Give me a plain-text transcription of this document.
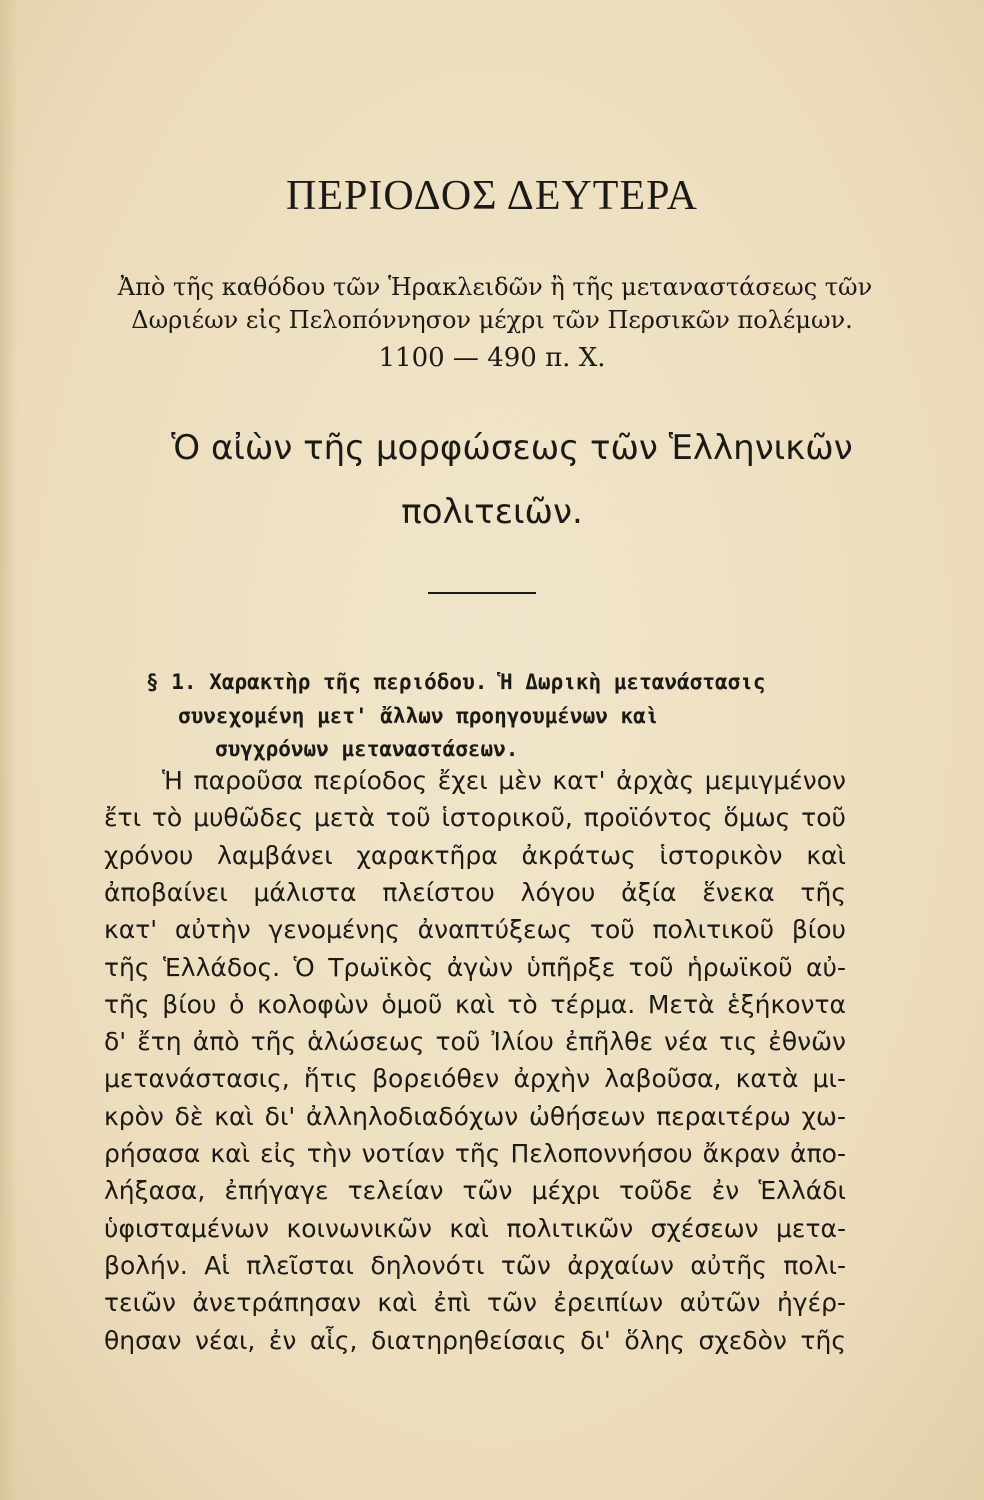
ΠΕΡΙΟΔΟΣ ΔΕΥΤΕΡΑ
Ἀπὸ τῆς καθόδου τῶν Ἡρακλειδῶν ἢ τῆς μεταναστάσεως τῶν
Δωριέων εἰς Πελοπόννησον μέχρι τῶν Περσικῶν πολέμων.
1100 — 490 π. Χ.
Ὁ αἰὼν τῆς μορφώσεως τῶν Ἑλληνικῶν
πολιτειῶν.
§ 1. Χαρακτὴρ τῆς περιόδου. Ἡ Δωρικὴ μετανάστασις
συνεχομένη μετ' ἄλλων προηγουμένων καὶ
συγχρόνων μεταναστάσεων.
Ἡ παροῦσα περίοδος ἔχει μὲν κατ' ἀρχὰς μεμιγμένον
ἔτι τὸ μυθῶδες μετὰ τοῦ ἱστορικοῦ, προϊόντος ὅμως τοῦ
χρόνου λαμβάνει χαρακτῆρα ἀκράτως ἱστορικὸν καὶ
ἀποβαίνει μάλιστα πλείστου λόγου ἀξία ἕνεκα τῆς
κατ' αὐτὴν γενομένης ἀναπτύξεως τοῦ πολιτικοῦ βίου
τῆς Ἑλλάδος. Ὁ Τρωϊκὸς ἀγὼν ὑπῆρξε τοῦ ἡρωϊκοῦ αὐ-
τῆς βίου ὁ κολοφὼν ὁμοῦ καὶ τὸ τέρμα. Μετὰ ἑξήκοντα
δ' ἔτη ἀπὸ τῆς ἁλώσεως τοῦ Ἰλίου ἐπῆλθε νέα τις ἐθνῶν
μετανάστασις, ἥτις βορειόθεν ἀρχὴν λαβοῦσα, κατὰ μι-
κρὸν δὲ καὶ δι' ἀλληλοδιαδόχων ὠθήσεων περαιτέρω χω-
ρήσασα καὶ εἰς τὴν νοτίαν τῆς Πελοποννήσου ἄκραν ἀπο-
λήξασα, ἐπήγαγε τελείαν τῶν μέχρι τοῦδε ἐν Ἑλλάδι
ὑφισταμένων κοινωνικῶν καὶ πολιτικῶν σχέσεων μετα-
βολήν. Αἱ πλεῖσται δηλονότι τῶν ἀρχαίων αὐτῆς πολι-
τειῶν ἀνετράπησαν καὶ ἐπὶ τῶν ἐρειπίων αὐτῶν ἠγέρ-
θησαν νέαι, ἐν αἷς, διατηρηθείσαις δι' ὅλης σχεδὸν τῆς
